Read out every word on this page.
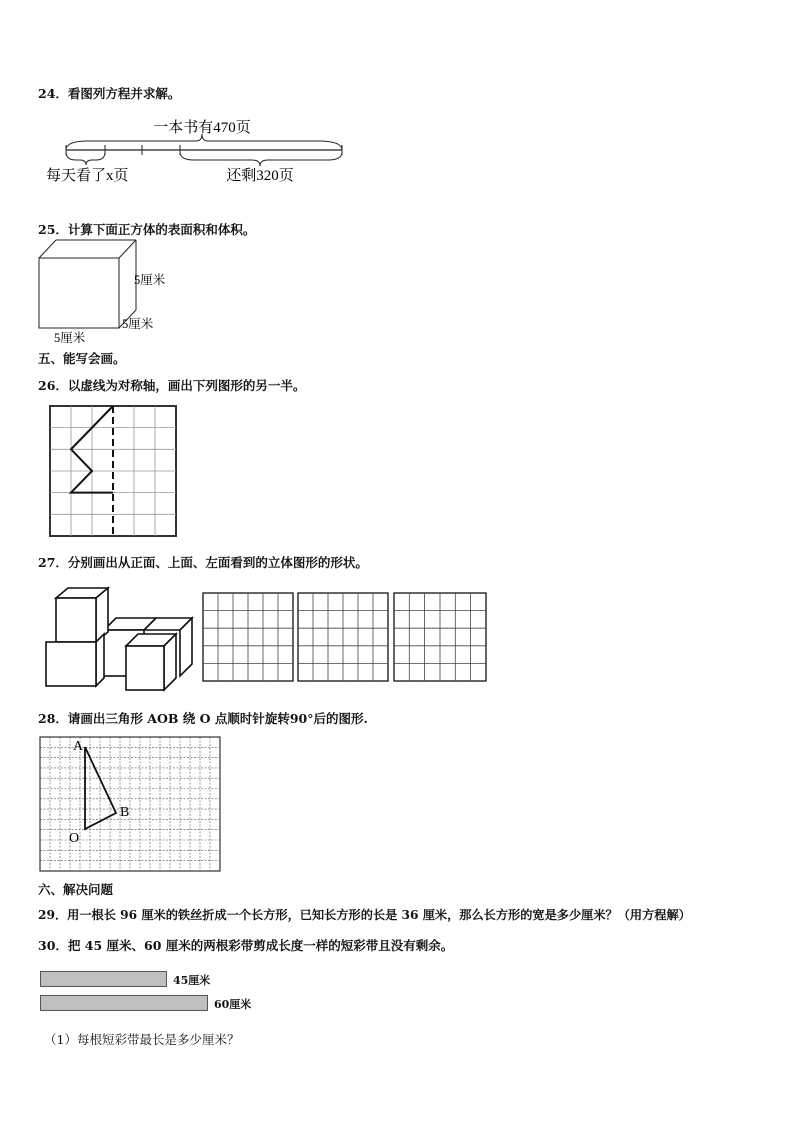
24．看图列方程并求解。
一本书有470页
每天看了x页	还剩320页
25．计算下面正方体的表面积和体积。
5厘米
5厘米
5厘米
五、能写会画。
26．以虚线为对称轴，画出下列图形的另一半。
27．分别画出从正面、上面、左面看到的立体图形的形状。
28．请画出三角形 AOB 绕 O 点顺时针旋转90°后的图形.
A
B
O
六、解决问题
29．用一根长 96 厘米的铁丝折成一个长方形，已知长方形的长是 36 厘米，那么长方形的宽是多少厘米？（用方程解）
30．把 45 厘米、60 厘米的两根彩带剪成长度一样的短彩带且没有剩余。
45厘米
60厘米
（1）每根短彩带最长是多少厘米？
